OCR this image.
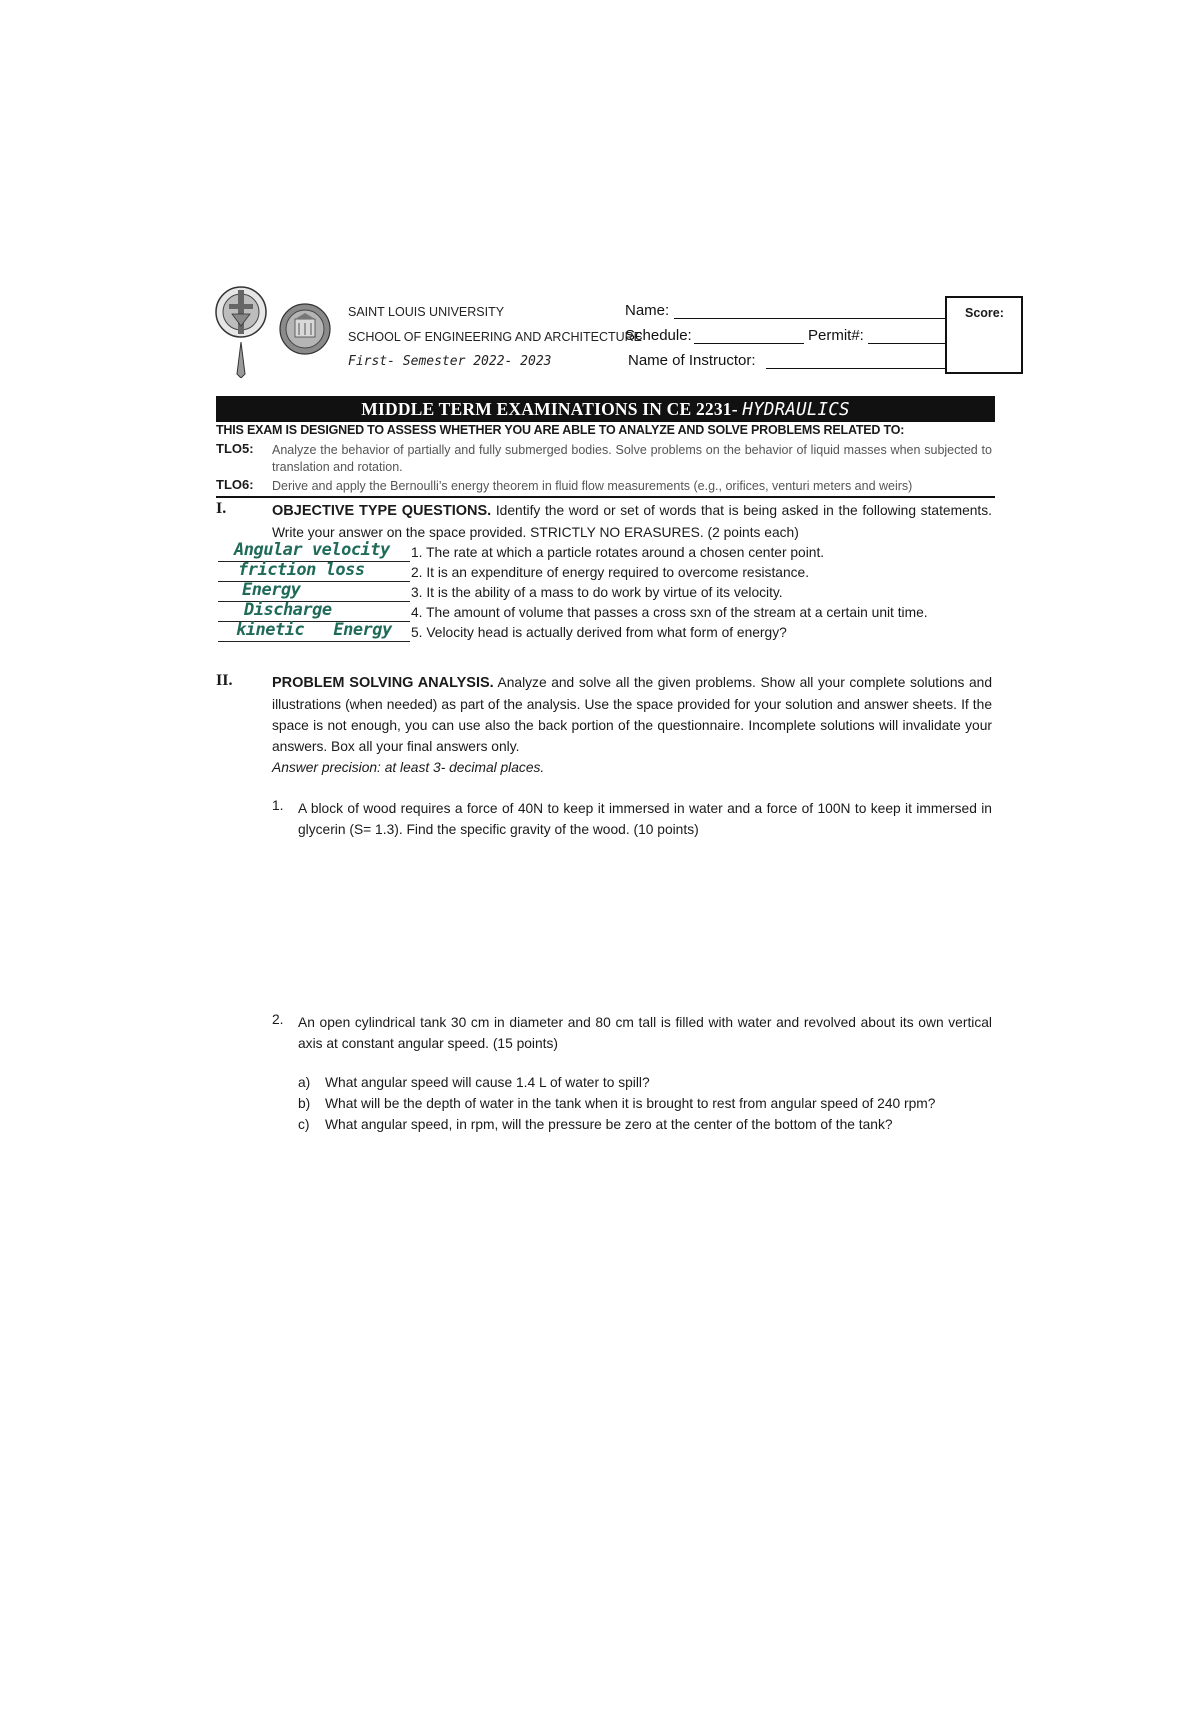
SAINT LOUIS UNIVERSITY
SCHOOL OF ENGINEERING AND ARCHITECTURE
First- Semester 2022- 2023
Name:
Schedule:	Permit#:
Name of Instructor:
Score:
MIDDLE TERM EXAMINATIONS IN CE 2231- HYDRAULICS
THIS EXAM IS DESIGNED TO ASSESS WHETHER YOU ARE ABLE TO ANALYZE AND SOLVE PROBLEMS RELATED TO:
TLO5: Analyze the behavior of partially and fully submerged bodies. Solve problems on the behavior of liquid masses when subjected to translation and rotation.
TLO6: Derive and apply the Bernoulli’s energy theorem in fluid flow measurements (e.g., orifices, venturi meters and weirs)
I.	OBJECTIVE TYPE QUESTIONS. Identify the word or set of words that is being asked in the following statements. Write your answer on the space provided. STRICTLY NO ERASURES. (2 points each)
Angular velocity 1. The rate at which a particle rotates around a chosen center point.
friction loss	2. It is an expenditure of energy required to overcome resistance.
Energy	3. It is the ability of a mass to do work by virtue of its velocity.
Discharge	4. The amount of volume that passes a cross sxn of the stream at a certain unit time.
kinetic   Energy 5. Velocity head is actually derived from what form of energy?
II.	PROBLEM SOLVING ANALYSIS. Analyze and solve all the given problems. Show all your complete solutions and illustrations (when needed) as part of the analysis. Use the space provided for your solution and answer sheets. If the space is not enough, you can use also the back portion of the questionnaire. Incomplete solutions will invalidate your answers. Box all your final answers only.
Answer precision: at least 3- decimal places.
1. A block of wood requires a force of 40N to keep it immersed in water and a force of 100N to keep it immersed in glycerin (S= 1.3). Find the specific gravity of the wood. (10 points)
2. An open cylindrical tank 30 cm in diameter and 80 cm tall is filled with water and revolved about its own vertical axis at constant angular speed. (15 points)
a) What angular speed will cause 1.4 L of water to spill?
b) What will be the depth of water in the tank when it is brought to rest from angular speed of 240 rpm?
c) What angular speed, in rpm, will the pressure be zero at the center of the bottom of the tank?
